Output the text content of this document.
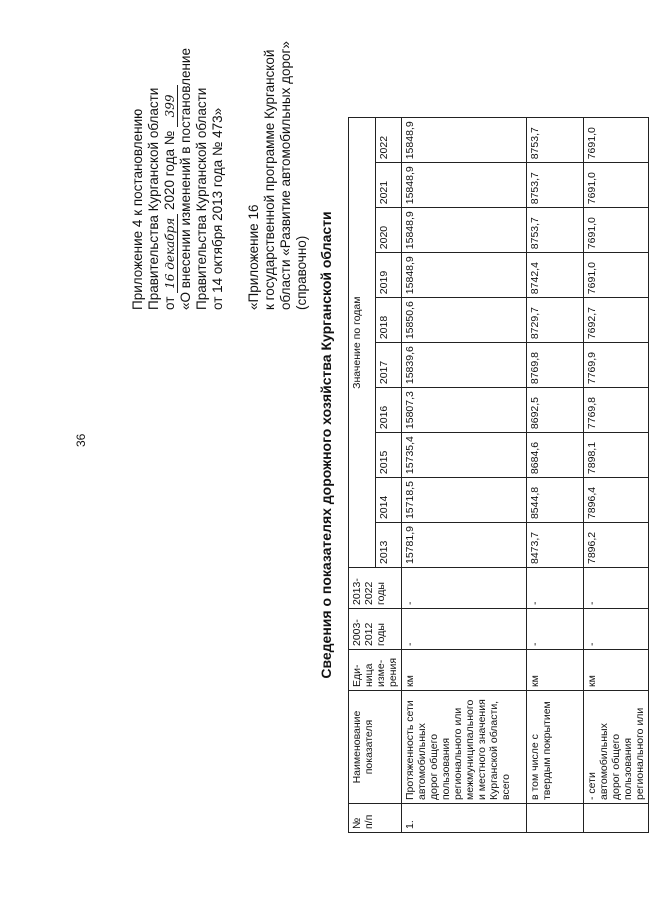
36
Приложение 4 к постановлению Правительства Курганской области от 16 декабря 2020 года № 399 «О внесении изменений в постановление Правительства Курганской области от 14 октября 2013 года № 473» «Приложение 16 к государственной программе Курганской области «Развитие автомобильных дорог» (справочно) Сведения о показателях дорожного хозяйства Курганской области
№ п/п	Наименование показателя	Еди-ница изме-рения	2003-2012 годы	2013-2022 годы	Значение по годам									
					2013	2014	2015	2016	2017	2018	2019	2020	2021	2022
1.	Протяженность сети автомобильных дорог общего пользования регионального или межмуниципального и местного значения Курганской области, всего	км	-	-	15781,9	15718,5	15735,4	15807,3	15839,6	15850,6	15848,9	15848,9	15848,9	15848,9
	в том числе с твердым покрытием	км	-	-	8473,7	8544,8	8684,6	8692,5	8769,8	8729,7	8742,4	8753,7	8753,7	8753,7
	- сети автомобильных дорог общего пользования регионального или	км	-	-	7896,2	7896,4	7898,1	7769,8	7769,9	7692,7	7691,0	7691,0	7691,0	7691,0
